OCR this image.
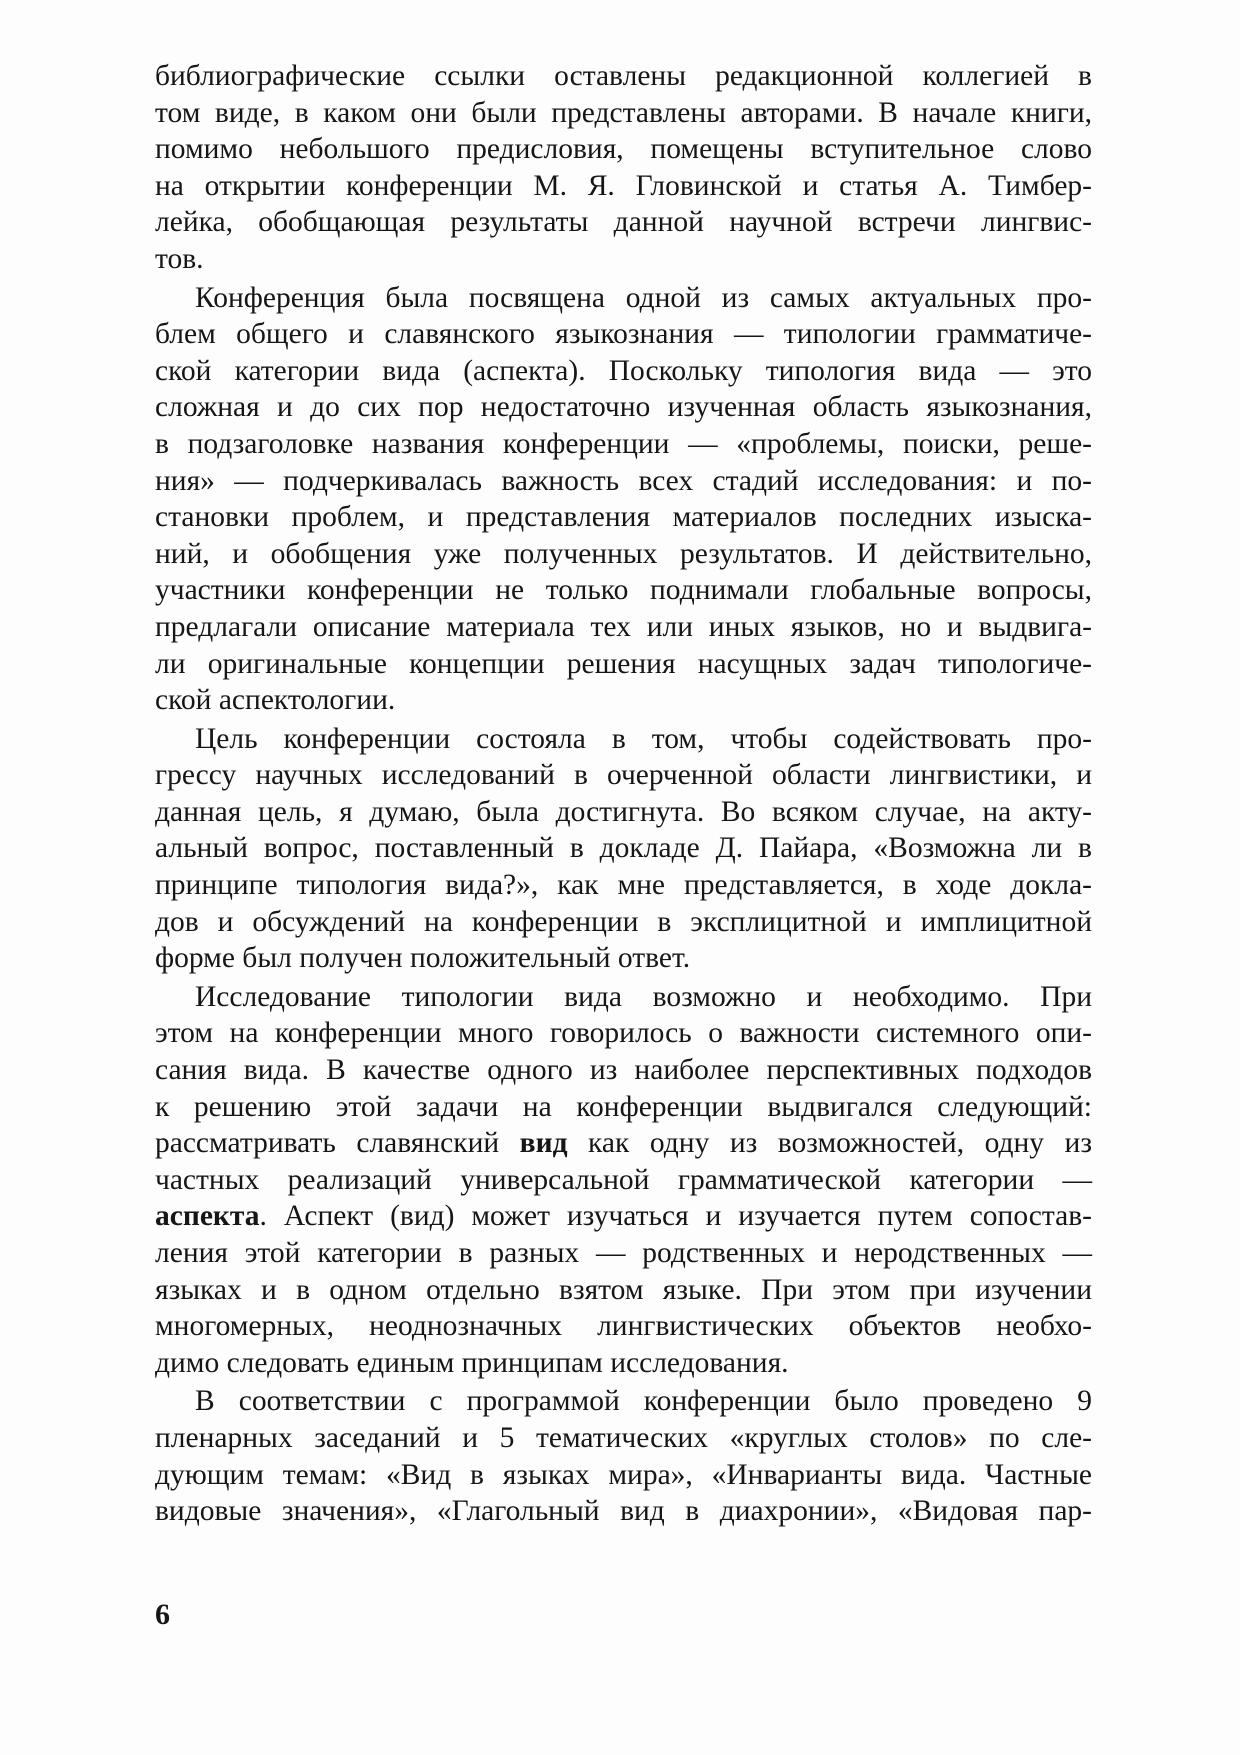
библиографические ссылки оставлены редакционной коллегией в
том виде, в каком они были представлены авторами. В начале книги,
помимо небольшого предисловия, помещены вступительное слово
на открытии конференции М. Я. Гловинской и статья А. Тимбер-
лейка, обобщающая результаты данной научной встречи лингвис-
тов.

Конференция была посвящена одной из самых актуальных про-
блем общего и славянского языкознания — типологии грамматиче-
ской категории вида (аспекта). Поскольку типология вида — это
сложная и до сих пор недостаточно изученная область языкознания,
в подзаголовке названия конференции — «проблемы, поиски, реше-
ния» — подчеркивалась важность всех стадий исследования: и по-
становки проблем, и представления материалов последних изыска-
ний, и обобщения уже полученных результатов. И действительно,
участники конференции не только поднимали глобальные вопросы,
предлагали описание материала тех или иных языков, но и выдвига-
ли оригинальные концепции решения насущных задач типологиче-
ской аспектологии.

Цель конференции состояла в том, чтобы содействовать про-
грессу научных исследований в очерченной области лингвистики, и
данная цель, я думаю, была достигнута. Во всяком случае, на акту-
альный вопрос, поставленный в докладе Д. Пайара, «Возможна ли в
принципе типология вида?», как мне представляется, в ходе доклa-
дов и обсуждений на конференции в эксплицитной и имплицитной
форме был получен положительный ответ.

Исследование типологии вида возможно и необходимо. При
этом на конференции много говорилось о важности системного опи-
сания вида. В качестве одного из наиболее перспективных подходов
к решению этой задачи на конференции выдвигался следующий:
рассматривать славянский вид как одну из возможностей, одну из
частных реализаций универсальной грамматической категории —
аспекта. Аспект (вид) может изучаться и изучается путем сопостав-
ления этой категории в разных — родственных и неродственных —
языках и в одном отдельно взятом языке. При этом при изучении
многомерных, неоднозначных лингвистических объектов необхо-
димо следовать единым принципам исследования.

В соответствии с программой конференции было проведено 9
пленарных заседаний и 5 тематических «круглых столов» по сле-
дующим темам: «Вид в языках мира», «Инварианты вида. Частные
видовые значения», «Глагольный вид в диахронии», «Видовая пар-

6
